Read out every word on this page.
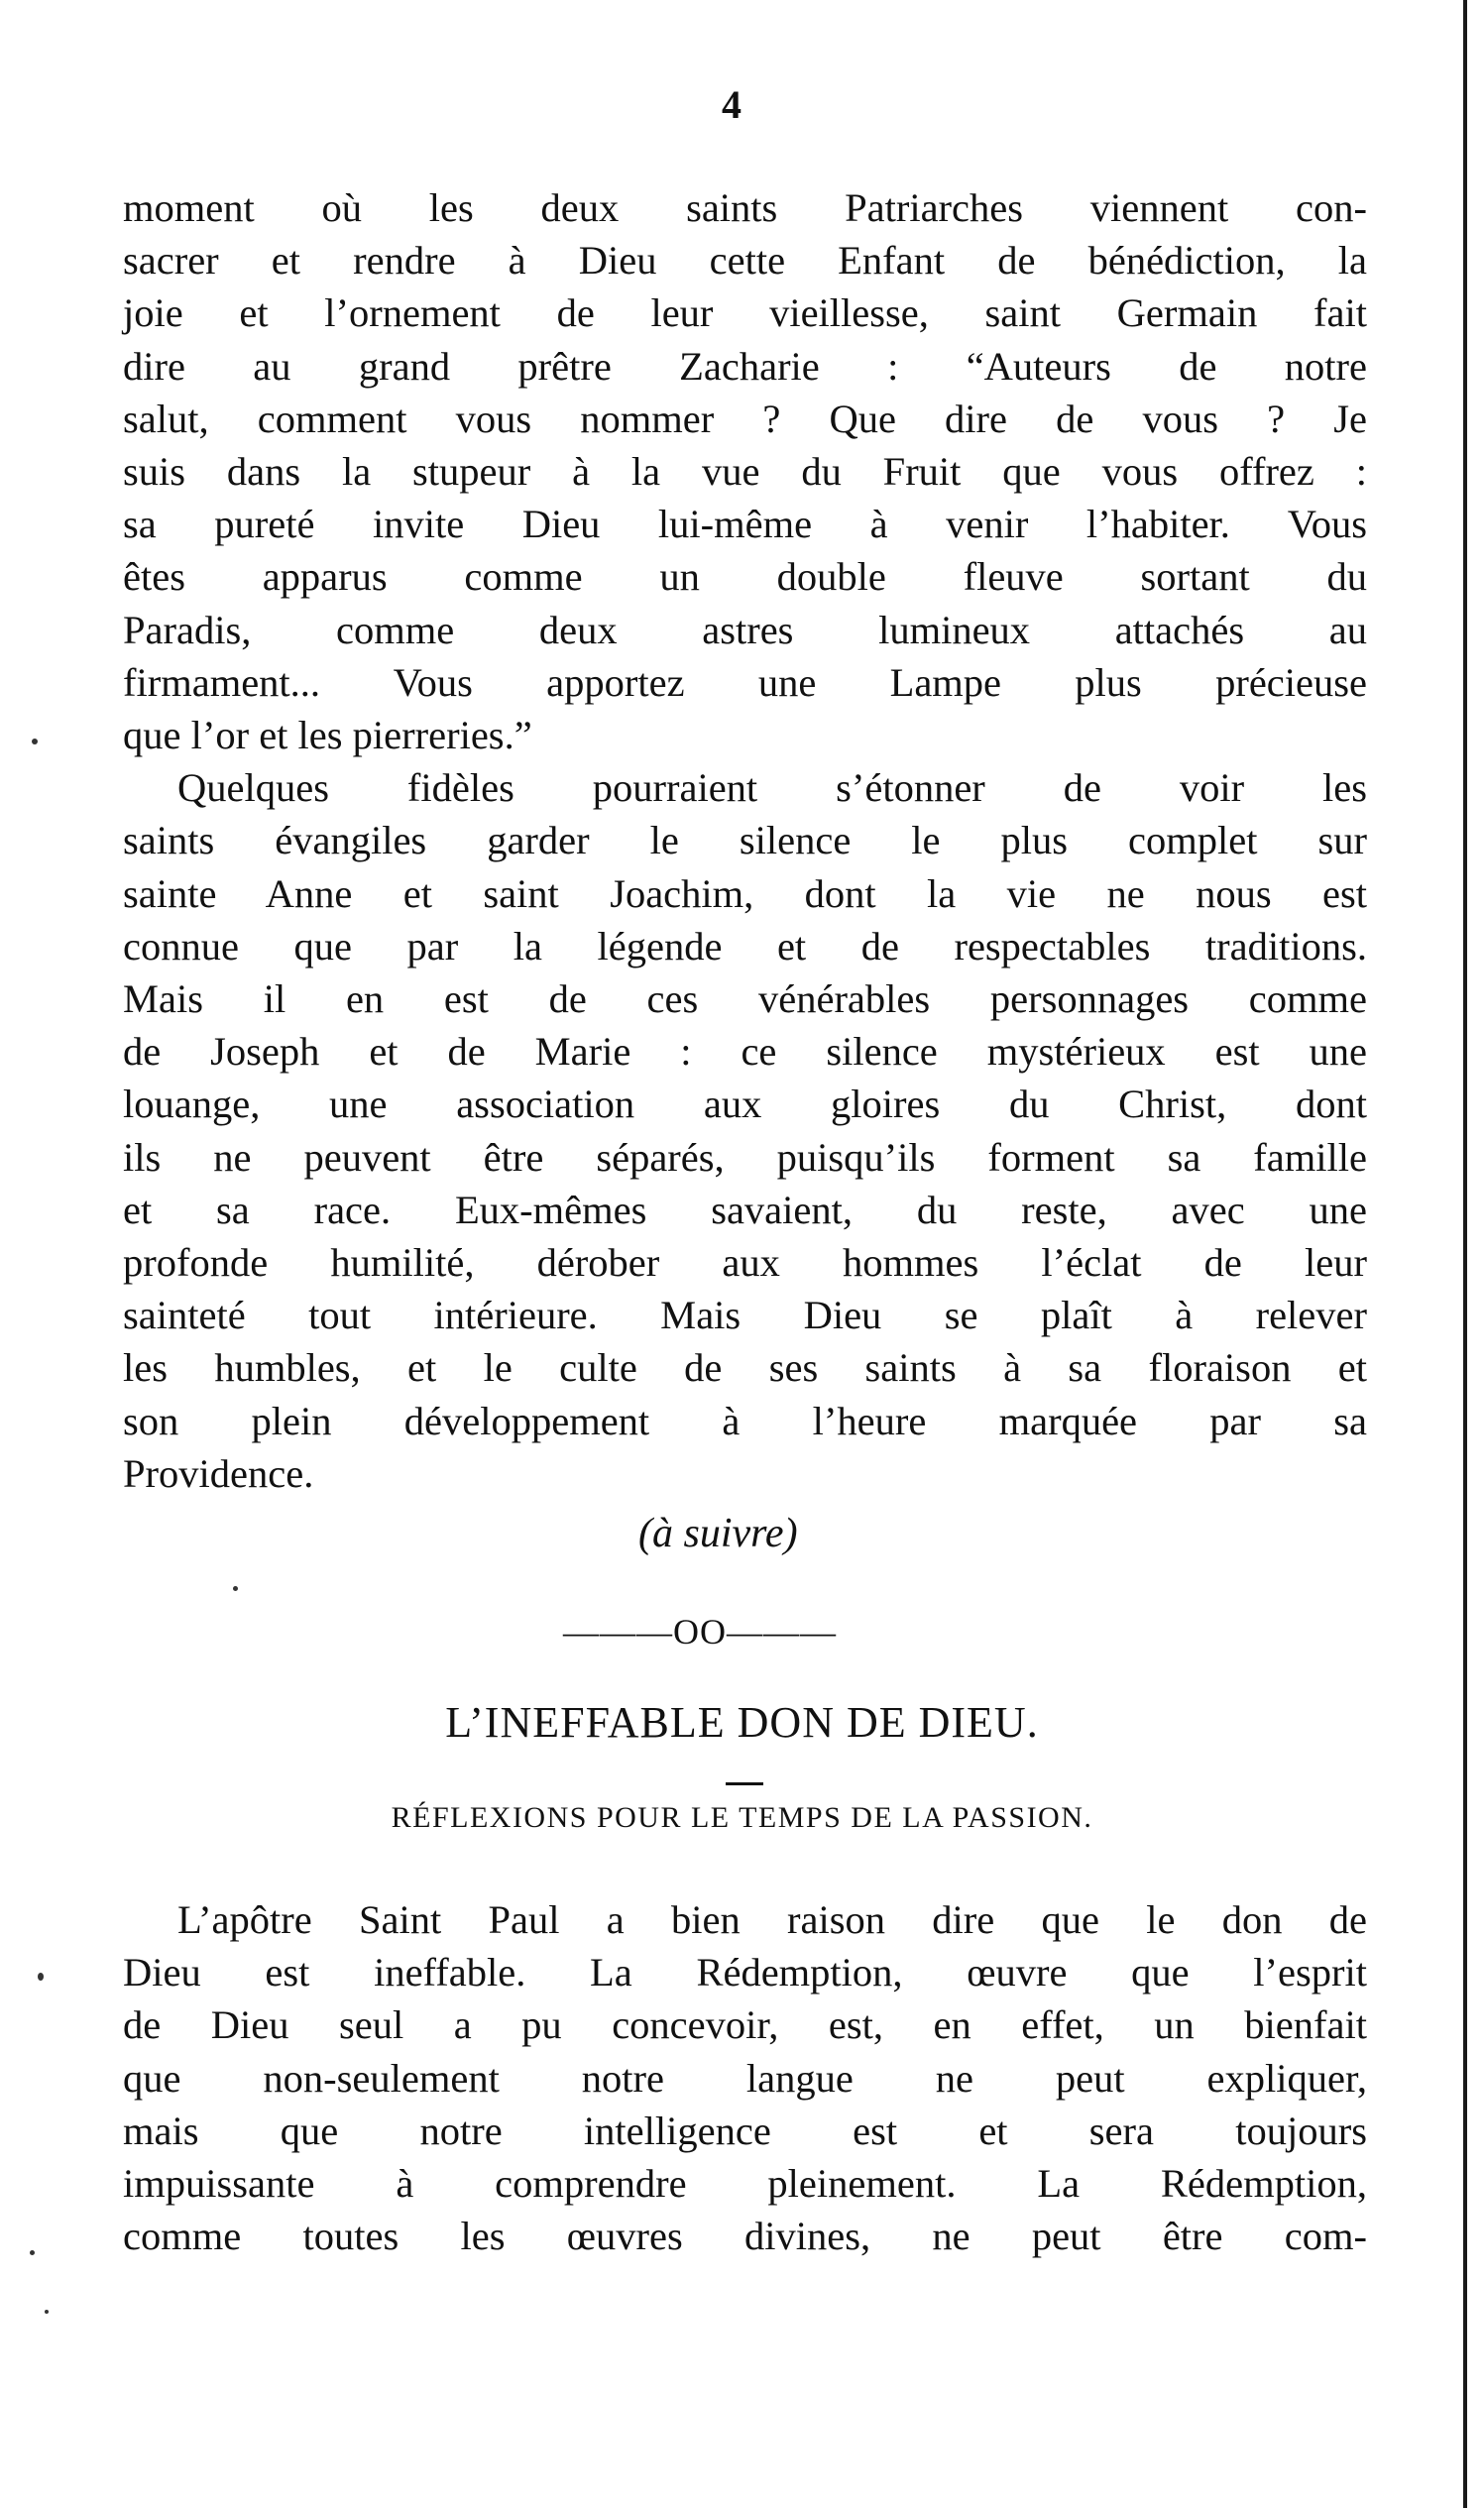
4
moment où les deux saints Patriarches viennent con-
sacrer et rendre à Dieu cette Enfant de bénédiction, la
joie et l’ornement de leur vieillesse, saint Germain fait
dire au grand prêtre Zacharie : “Auteurs de notre
salut, comment vous nommer ? Que dire de vous ? Je
suis dans la stupeur à la vue du Fruit que vous offrez :
sa pureté invite Dieu lui-même à venir l’habiter. Vous
êtes apparus comme un double fleuve sortant du
Paradis, comme deux astres lumineux attachés au
firmament... Vous apportez une Lampe plus précieuse
que l’or et les pierreries.”
Quelques fidèles pourraient s’étonner de voir les
saints évangiles garder le silence le plus complet sur
sainte Anne et saint Joachim, dont la vie ne nous est
connue que par la légende et de respectables traditions.
Mais il en est de ces vénérables personnages comme
de Joseph et de Marie : ce silence mystérieux est une
louange, une association aux gloires du Christ, dont
ils ne peuvent être séparés, puisqu’ils forment sa famille
et sa race. Eux-mêmes savaient, du reste, avec une
profonde humilité, dérober aux hommes l’éclat de leur
sainteté tout intérieure. Mais Dieu se plaît à relever
les humbles, et le culte de ses saints à sa floraison et
son plein développement à l’heure marquée par sa
Providence.
(à suivre)
———OO———
L’INEFFABLE DON DE DIEU.
RÉFLEXIONS POUR LE TEMPS DE LA PASSION.
L’apôtre Saint Paul a bien raison dire que le don de
Dieu est ineffable. La Rédemption, œuvre que l’esprit
de Dieu seul a pu concevoir, est, en effet, un bienfait
que non-seulement notre langue ne peut expliquer,
mais que notre intelligence est et sera toujours
impuissante à comprendre pleinement. La Rédemption,
comme toutes les œuvres divines, ne peut être com-
